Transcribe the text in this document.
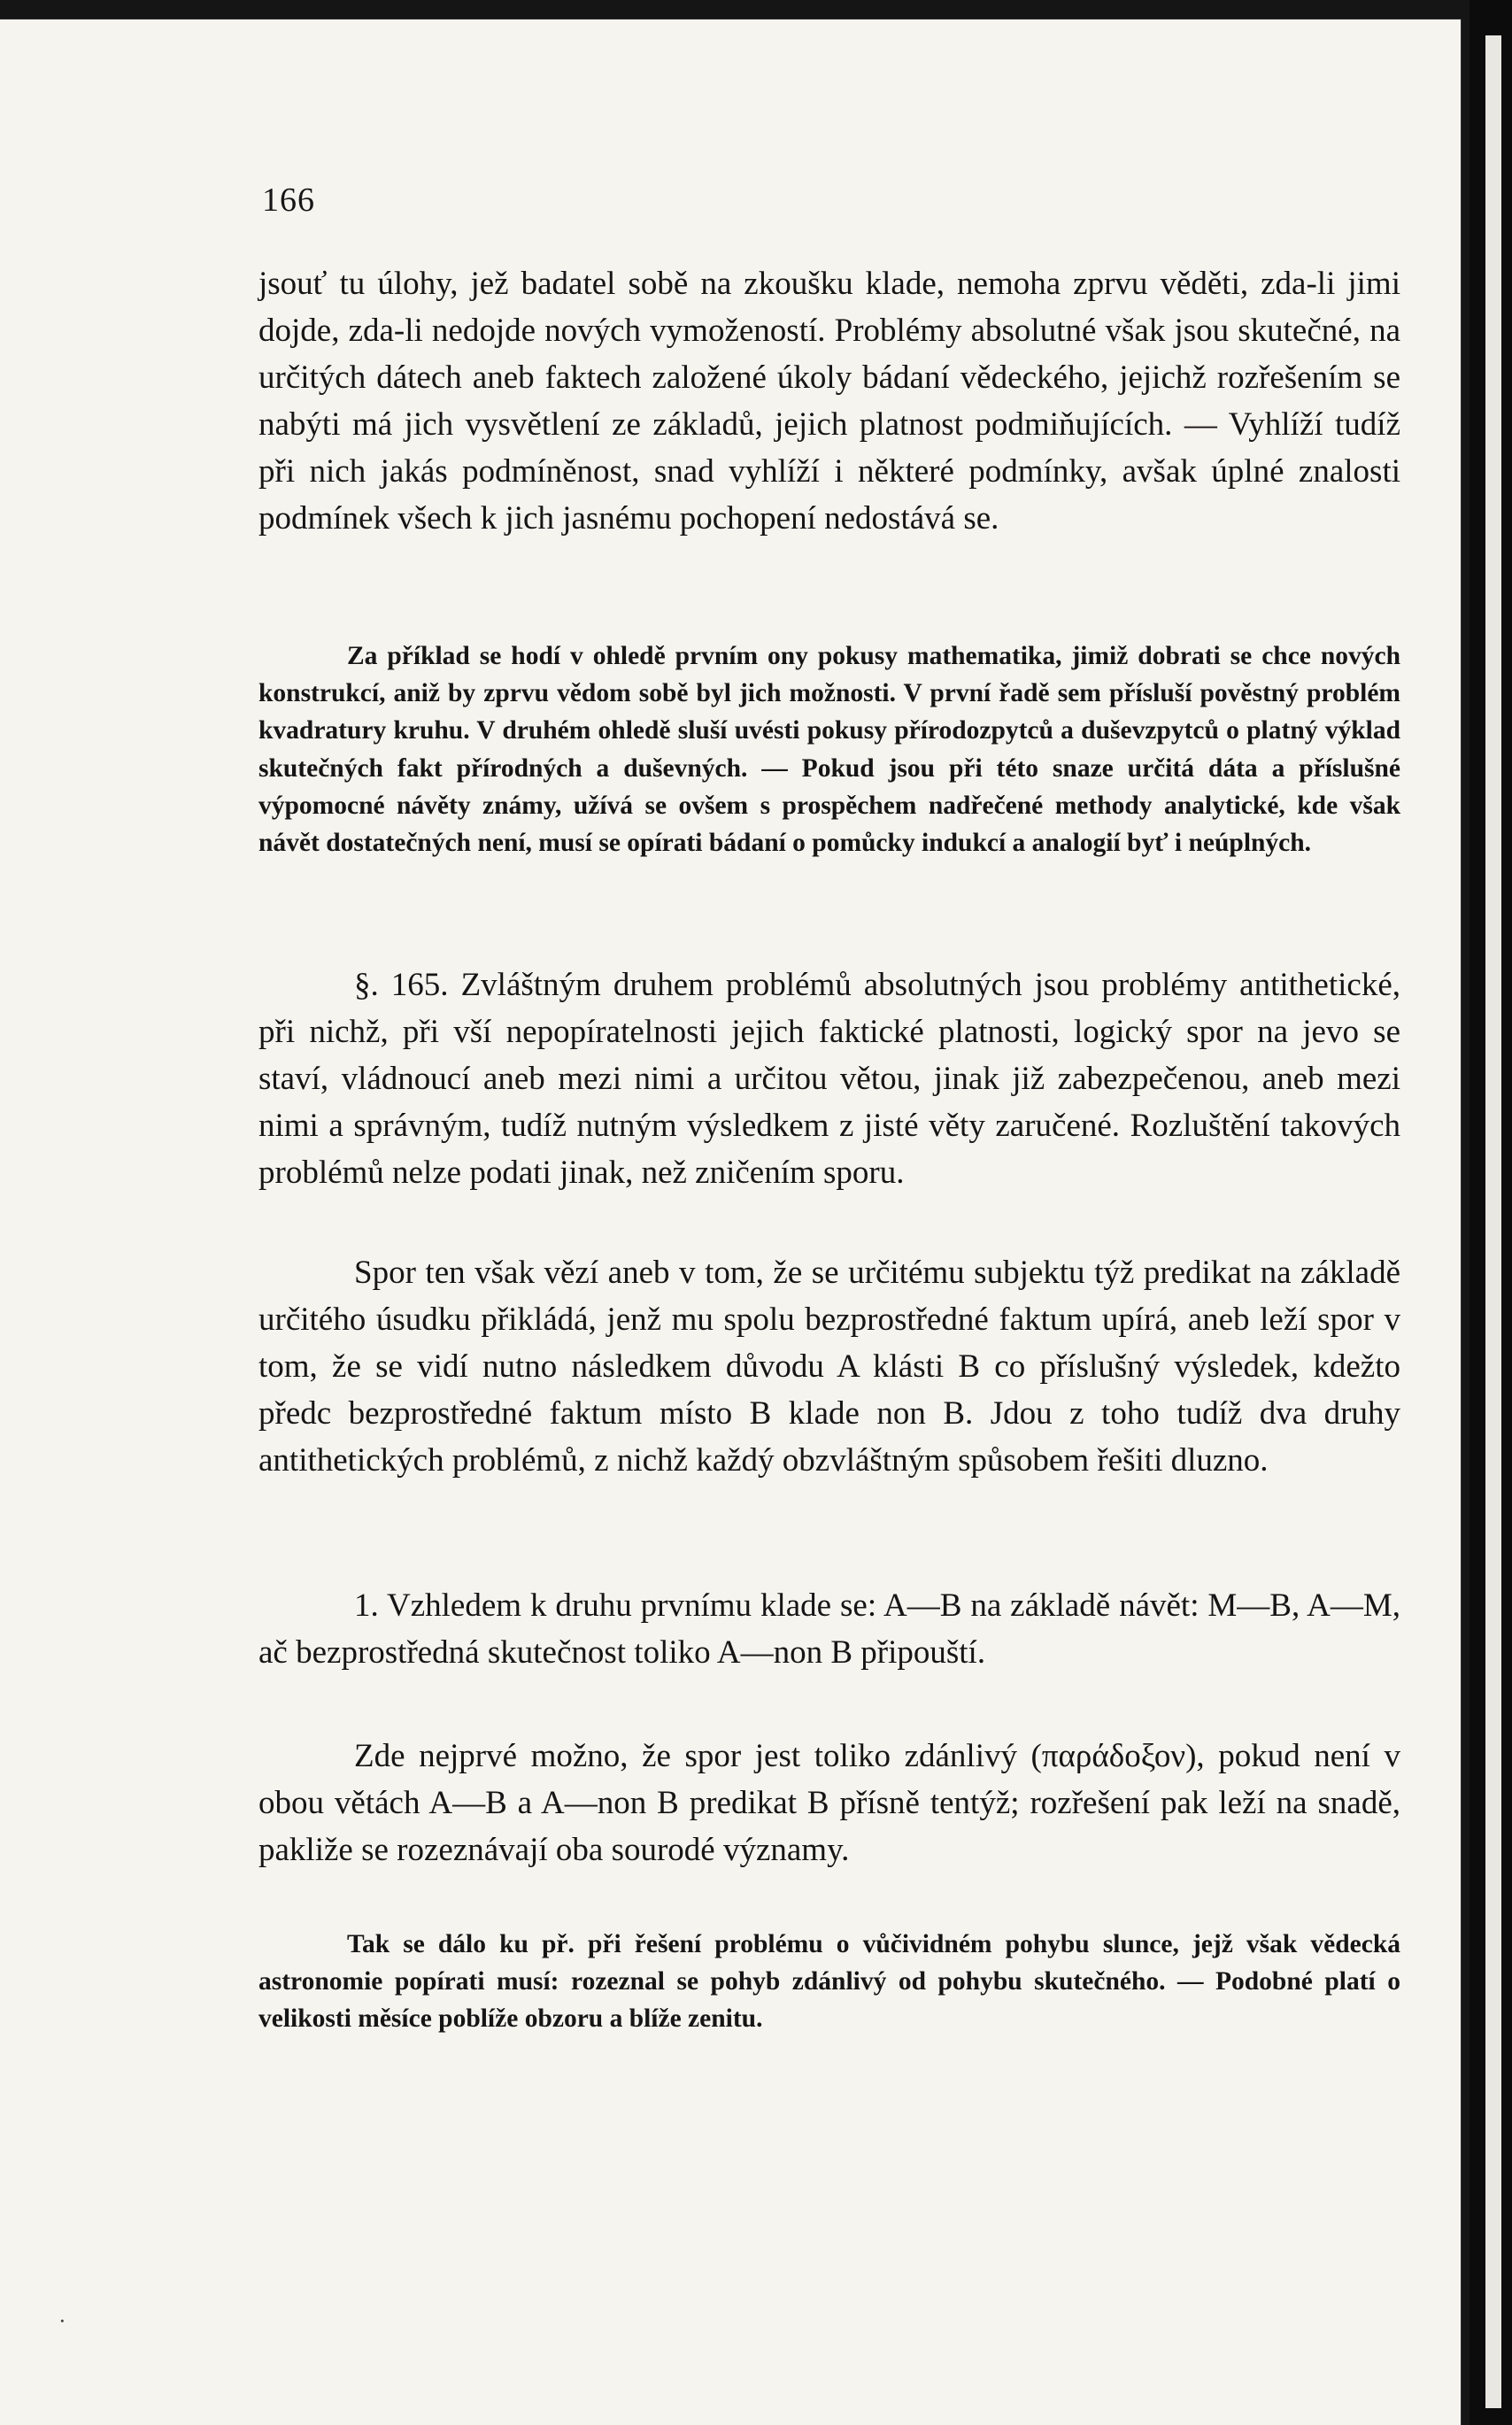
166

jsouť tu úlohy, jež badatel sobě na zkoušku klade, nemoha zprvu věděti, zda-li jimi dojde, zda-li nedojde nových vymožeností. Problémy absolutné však jsou skutečné, na určitých dátech aneb faktech založené úkoly bádaní vědeckého, jejichž rozřešením se nabýti má jich vysvětlení ze základů, jejich platnost podmiňujících. — Vyhlíží tudíž při nich jakás podmíněnost, snad vyhlíží i některé podmínky, avšak úplné znalosti podmínek všech k jich jasnému pochopení nedostává se.

Za příklad se hodí v ohledě prvním ony pokusy mathematika, jimiž dobrati se chce nových konstrukcí, aniž by zprvu vědom sobě byl jich možnosti. V první řadě sem přísluší pověstný problém kvadratury kruhu. V druhém ohledě sluší uvésti pokusy přírodozpytců a duševzpytců o platný výklad skutečných fakt přírodných a duševných. — Pokud jsou při této snaze určitá dáta a příslušné výpomocné návěty známy, užívá se ovšem s prospěchem nadřečené methody analytické, kde však návět dostatečných není, musí se opírati bádaní o pomůcky indukcí a analogií byť i neúplných.

§. 165. Zvláštným druhem problémů absolutných jsou problémy antithetické, při nichž, při vší nepopíratelnosti jejich faktické platnosti, logický spor na jevo se staví, vládnoucí aneb mezi nimi a určitou větou, jinak již zabezpečenou, aneb mezi nimi a správným, tudíž nutným výsledkem z jisté věty zaručené. Rozluštění takových problémů nelze podati jinak, než zničením sporu.

Spor ten však vězí aneb v tom, že se určitému subjektu týž predikat na základě určitého úsudku přikládá, jenž mu spolu bezprostředné faktum upírá, aneb leží spor v tom, že se vidí nutno následkem důvodu A klásti B co příslušný výsledek, kdežto předc bezprostředné faktum místo B klade non B. Jdou z toho tudíž dva druhy antithetických problémů, z nichž každý obzvláštným spůsobem řešiti dluzno.

1. Vzhledem k druhu prvnímu klade se: A—B na základě návět: M—B, A—M, ač bezprostředná skutečnost toliko A—non B připouští.

Zde nejprvé možno, že spor jest toliko zdánlivý (παράδοξον), pokud není v obou větách A—B a A—non B predikat B přísně tentýž; rozřešení pak leží na snadě, pakliže se rozeznávají oba sourodé významy.

Tak se dálo ku př. při řešení problému o vůčividném pohybu slunce, jejž však vědecká astronomie popírati musí: rozeznal se pohyb zdánlivý od pohybu skutečného. — Podobné platí o velikosti měsíce poblíže obzoru a blíže zenitu.

·
